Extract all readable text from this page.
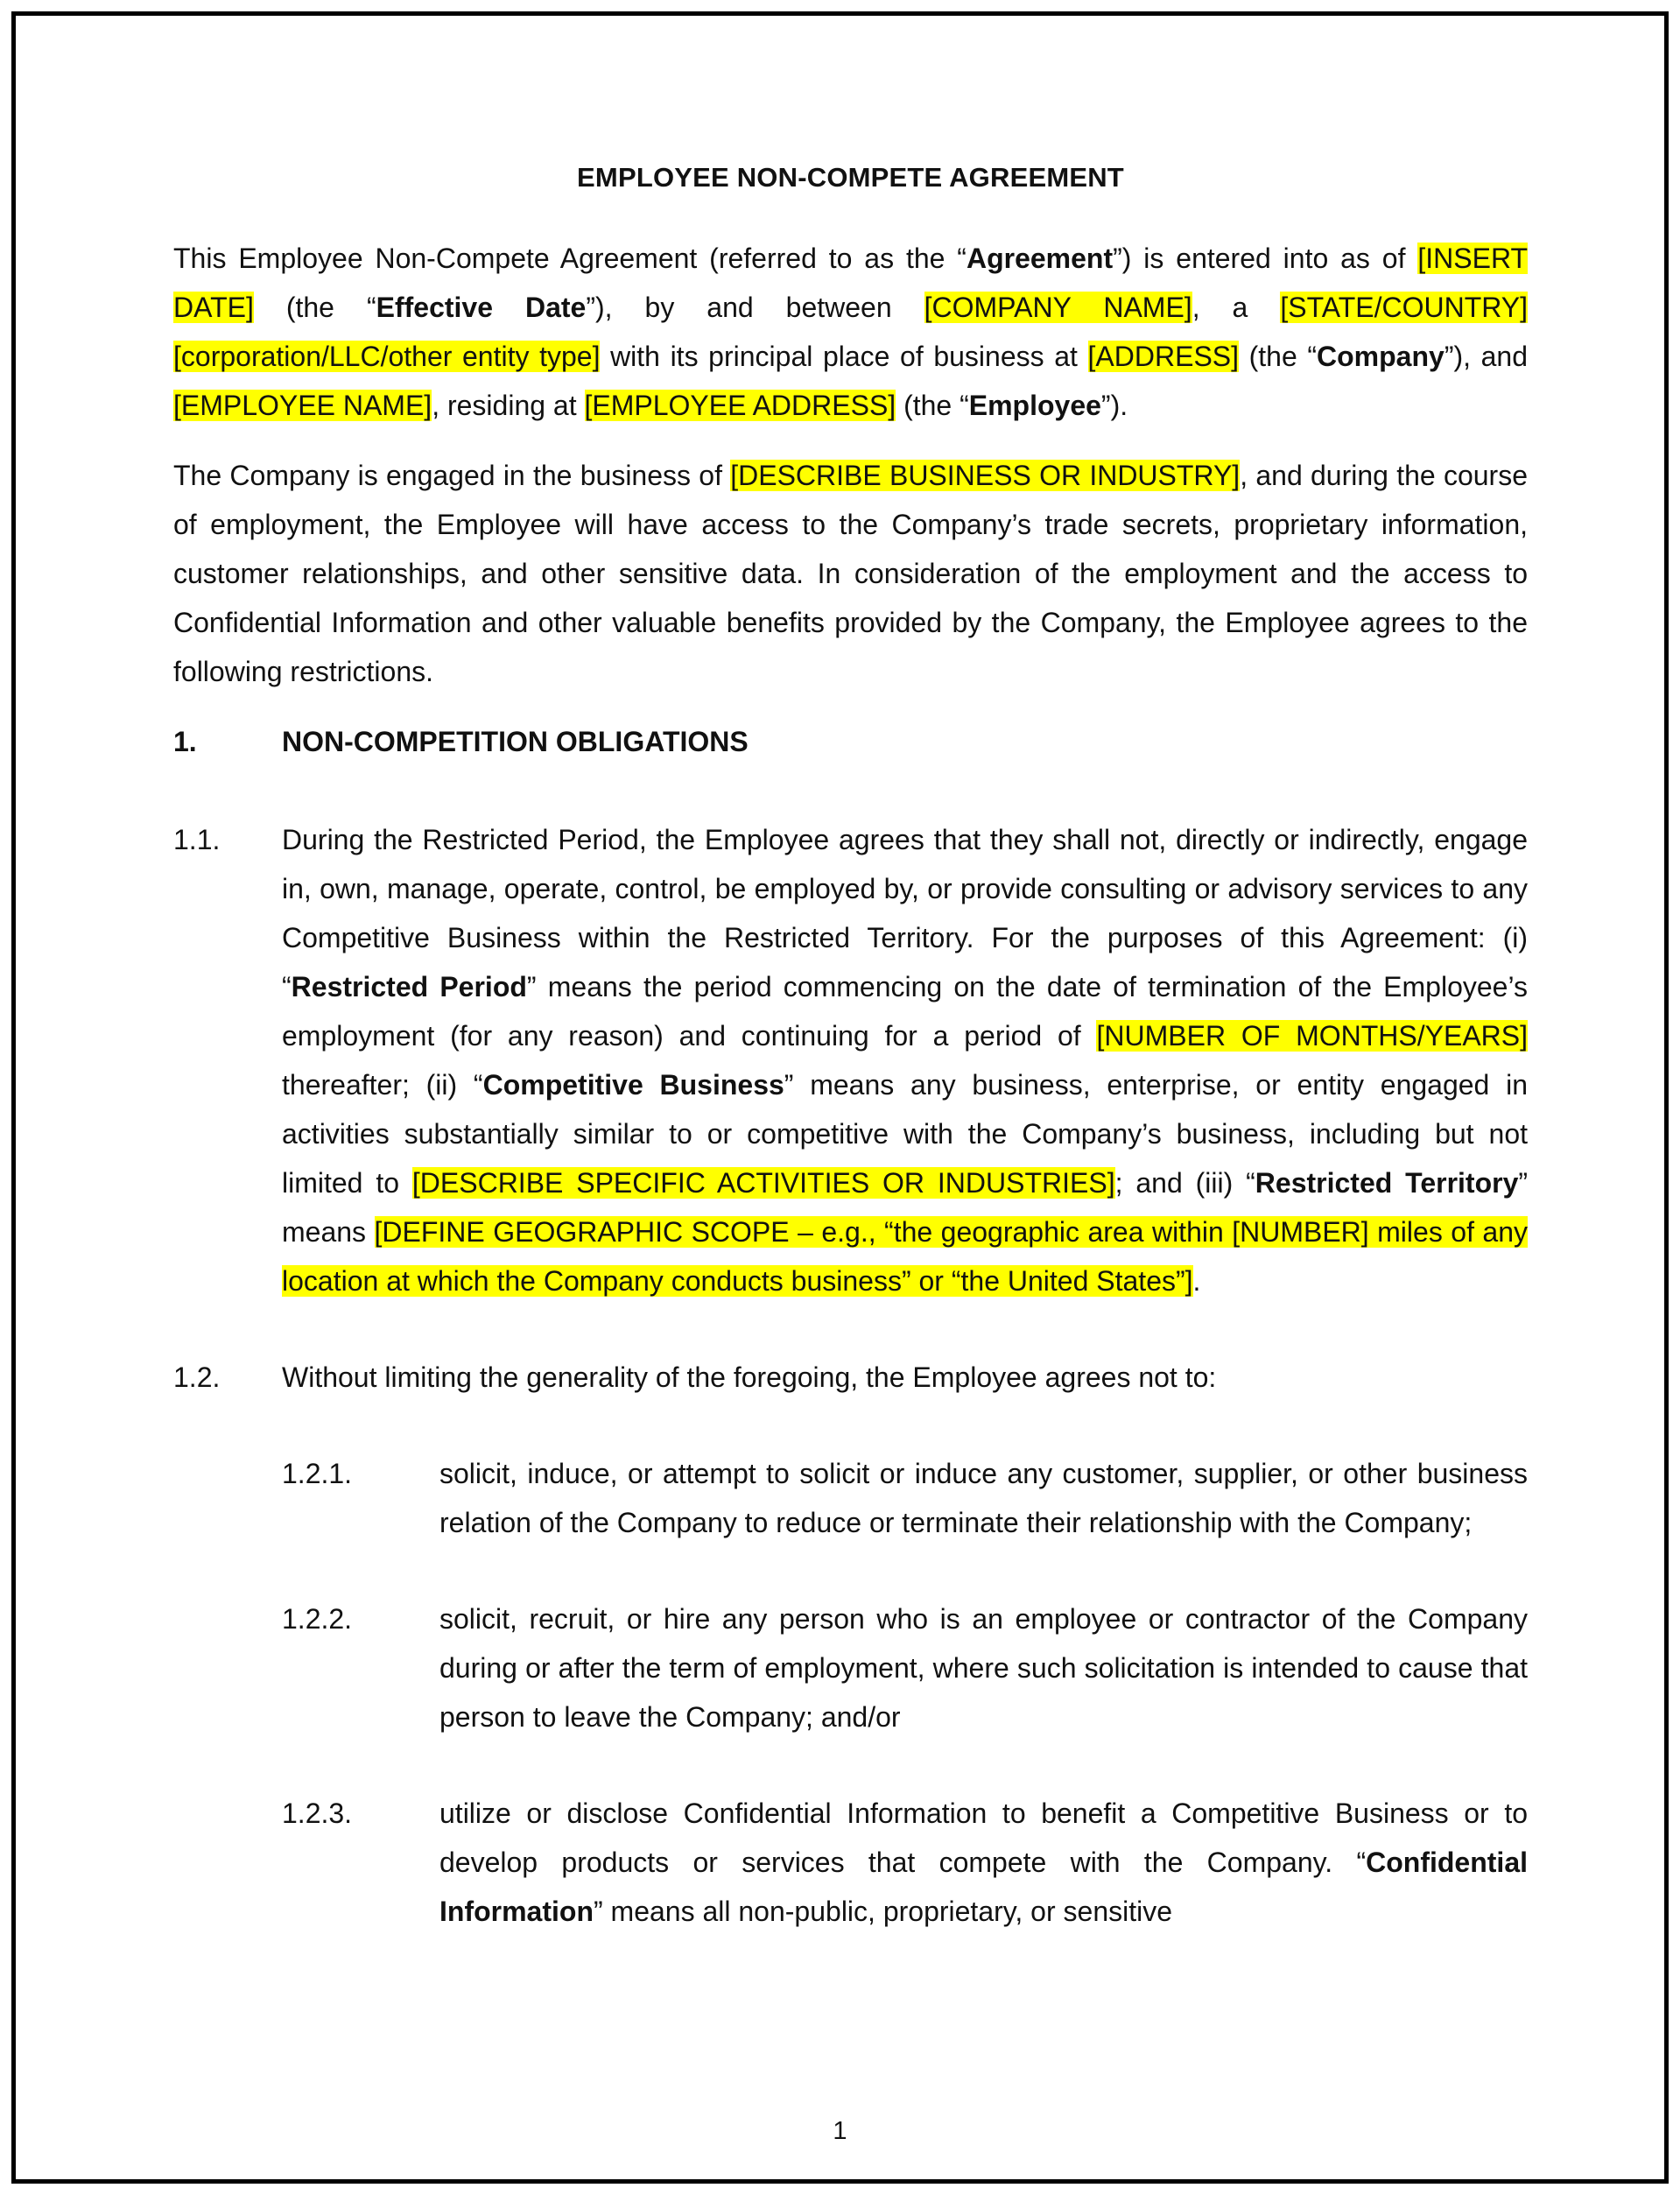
EMPLOYEE NON-COMPETE AGREEMENT
This Employee Non-Compete Agreement (referred to as the “Agreement”) is entered into as of [INSERT DATE] (the “Effective Date”), by and between [COMPANY NAME], a [STATE/COUNTRY] [corporation/LLC/other entity type] with its principal place of business at [ADDRESS] (the “Company”), and [EMPLOYEE NAME], residing at [EMPLOYEE ADDRESS] (the “Employee”).
The Company is engaged in the business of [DESCRIBE BUSINESS OR INDUSTRY], and during the course of employment, the Employee will have access to the Company’s trade secrets, proprietary information, customer relationships, and other sensitive data. In consideration of the employment and the access to Confidential Information and other valuable benefits provided by the Company, the Employee agrees to the following restrictions.
1.	NON-COMPETITION OBLIGATIONS
1.1.	During the Restricted Period, the Employee agrees that they shall not, directly or indirectly, engage in, own, manage, operate, control, be employed by, or provide consulting or advisory services to any Competitive Business within the Restricted Territory. For the purposes of this Agreement: (i) “Restricted Period” means the period commencing on the date of termination of the Employee’s employment (for any reason) and continuing for a period of [NUMBER OF MONTHS/YEARS] thereafter; (ii) “Competitive Business” means any business, enterprise, or entity engaged in activities substantially similar to or competitive with the Company’s business, including but not limited to [DESCRIBE SPECIFIC ACTIVITIES OR INDUSTRIES]; and (iii) “Restricted Territory” means [DEFINE GEOGRAPHIC SCOPE – e.g., “the geographic area within [NUMBER] miles of any location at which the Company conducts business” or “the United States”].
1.2.	Without limiting the generality of the foregoing, the Employee agrees not to:
1.2.1.	solicit, induce, or attempt to solicit or induce any customer, supplier, or other business relation of the Company to reduce or terminate their relationship with the Company;
1.2.2.	solicit, recruit, or hire any person who is an employee or contractor of the Company during or after the term of employment, where such solicitation is intended to cause that person to leave the Company; and/or
1.2.3.	utilize or disclose Confidential Information to benefit a Competitive Business or to develop products or services that compete with the Company. “Confidential Information” means all non-public, proprietary, or sensitive
1
